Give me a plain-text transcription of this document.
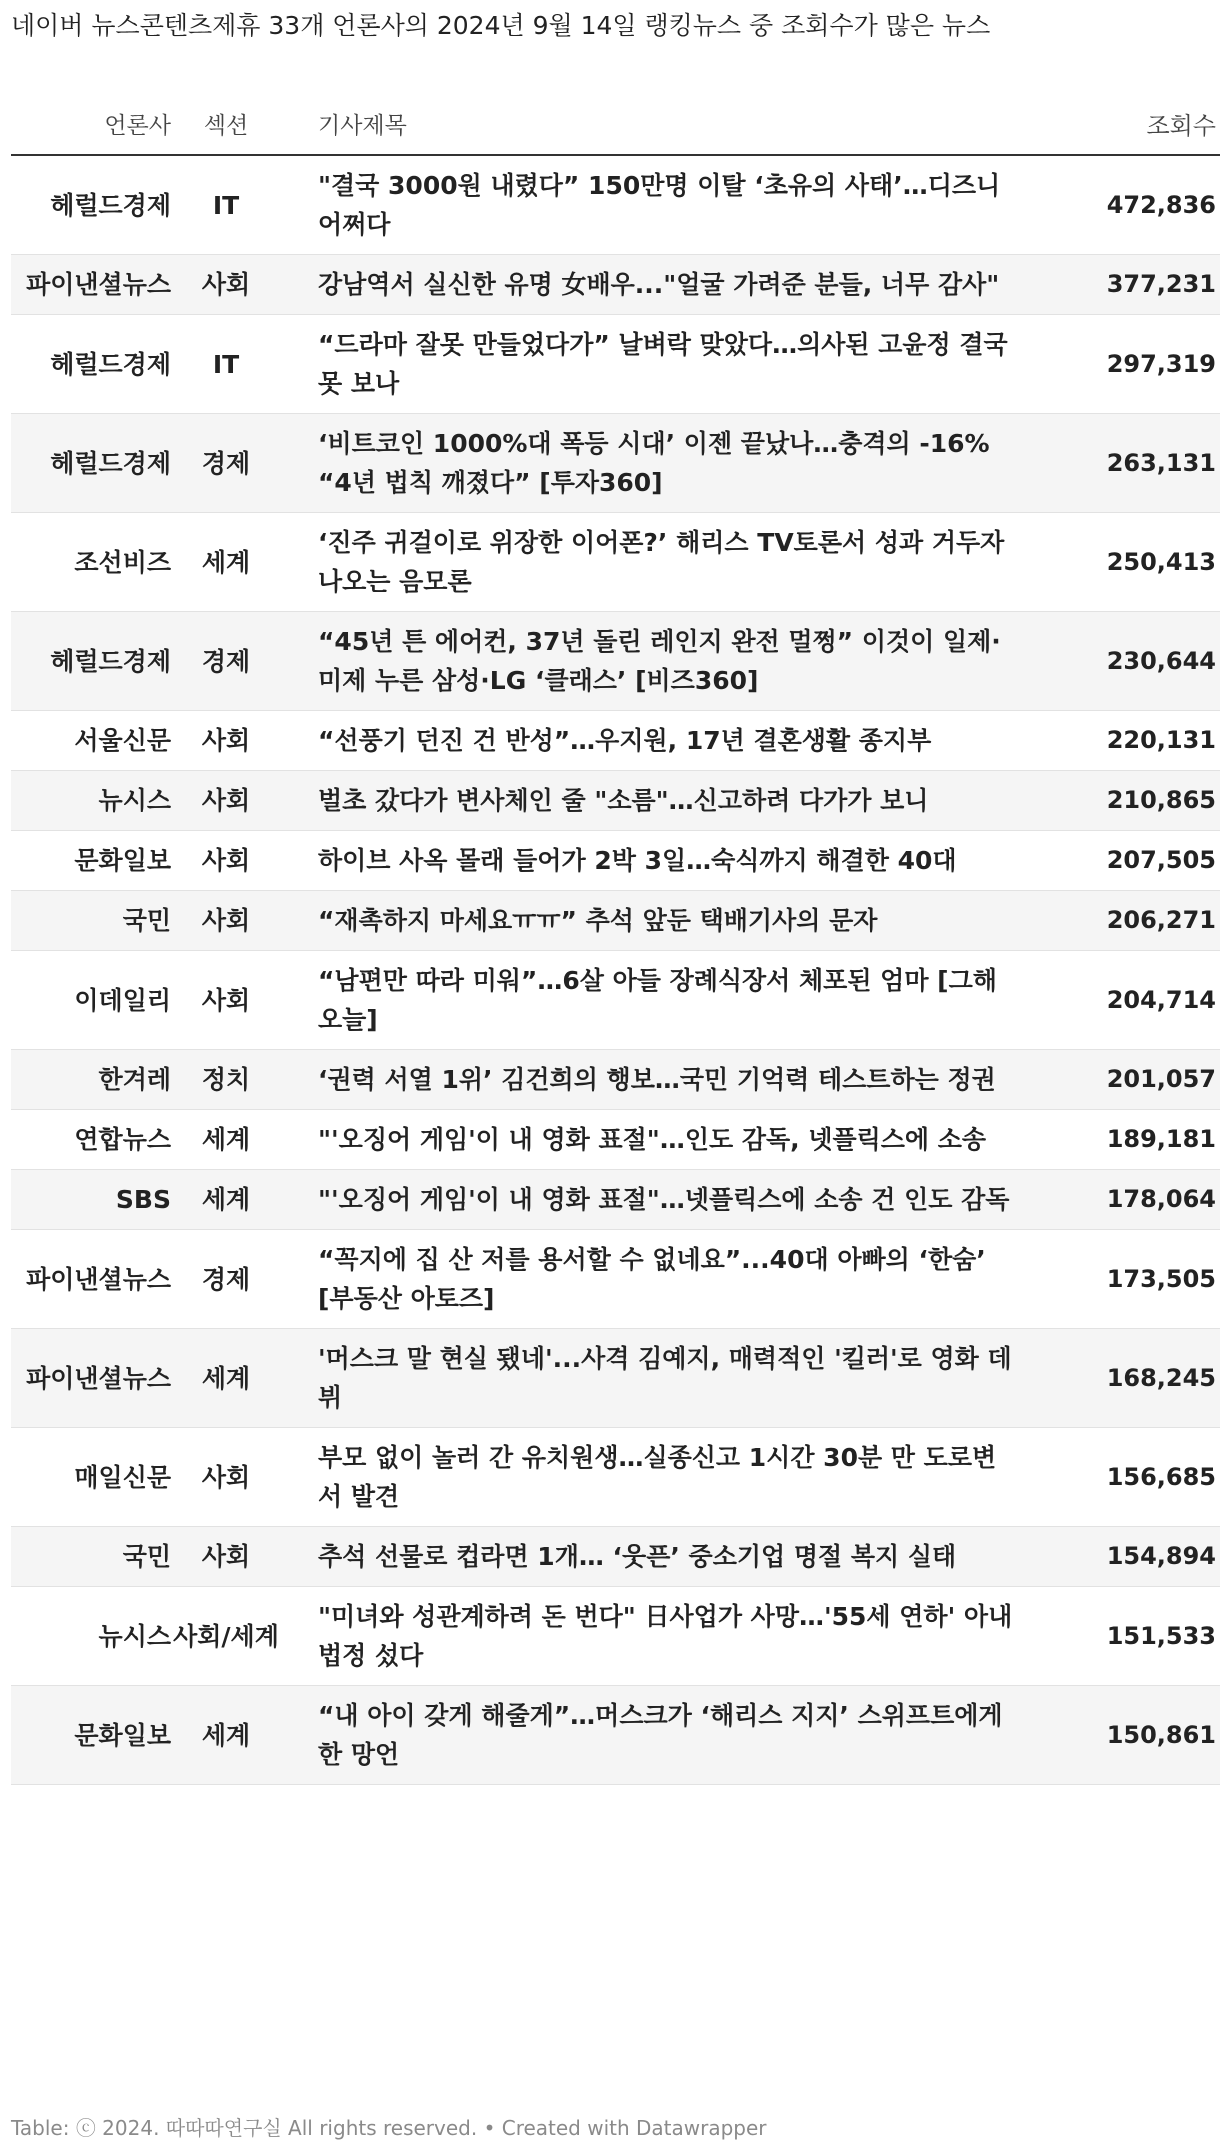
네이버 뉴스콘텐츠제휴 33개 언론사의 2024년 9월 14일 랭킹뉴스 중 조회수가 많은 뉴스

언론사	섹션	기사제목	조회수
헤럴드경제	IT	"결국 3000원 내렸다” 150만명 이탈 ‘초유의 사태’…디즈니 어쩌다	472,836
파이낸셜뉴스	사회	강남역서 실신한 유명 女배우..."얼굴 가려준 분들, 너무 감사"	377,231
헤럴드경제	IT	“드라마 잘못 만들었다가” 날벼락 맞았다…의사된 고윤정 결국 못 보나	297,319
헤럴드경제	경제	‘비트코인 1000%대 폭등 시대’ 이젠 끝났나…충격의 -16% “4년 법칙 깨졌다” [투자360]	263,131
조선비즈	세계	‘진주 귀걸이로 위장한 이어폰?’ 해리스 TV토론서 성과 거두자 나오는 음모론	250,413
헤럴드경제	경제	“45년 튼 에어컨, 37년 돌린 레인지 완전 멀쩡” 이것이 일제·미제 누른 삼성·LG ‘클래스’ [비즈360]	230,644
서울신문	사회	“선풍기 던진 건 반성”…우지원, 17년 결혼생활 종지부	220,131
뉴시스	사회	벌초 갔다가 변사체인 줄 "소름"…신고하려 다가가 보니	210,865
문화일보	사회	하이브 사옥 몰래 들어가 2박 3일…숙식까지 해결한 40대	207,505
국민	사회	“재촉하지 마세요ㅠㅠ” 추석 앞둔 택배기사의 문자	206,271
이데일리	사회	“남편만 따라 미워”…6살 아들 장례식장서 체포된 엄마 [그해 오늘]	204,714
한겨레	정치	‘권력 서열 1위’ 김건희의 행보…국민 기억력 테스트하는 정권	201,057
연합뉴스	세계	"'오징어 게임'이 내 영화 표절"…인도 감독, 넷플릭스에 소송	189,181
SBS	세계	"'오징어 게임'이 내 영화 표절"…넷플릭스에 소송 건 인도 감독	178,064
파이낸셜뉴스	경제	“꼭지에 집 산 저를 용서할 수 없네요”...40대 아빠의 ‘한숨’ [부동산 아토즈]	173,505
파이낸셜뉴스	세계	'머스크 말 현실 됐네'...사격 김예지, 매력적인 '킬러'로 영화 데뷔	168,245
매일신문	사회	부모 없이 놀러 간 유치원생…실종신고 1시간 30분 만 도로변서 발견	156,685
국민	사회	추석 선물로 컵라면 1개… ‘웃픈’ 중소기업 명절 복지 실태	154,894
뉴시스	사회/세계	"미녀와 성관계하려 돈 번다" 日사업가 사망…'55세 연하' 아내 법정 섰다	151,533
문화일보	세계	“내 아이 갖게 해줄게”…머스크가 ‘해리스 지지’ 스위프트에게 한 망언	150,861
Table: ⓒ 2024. 따따따연구실 All rights reserved. • Created with Datawrapper
